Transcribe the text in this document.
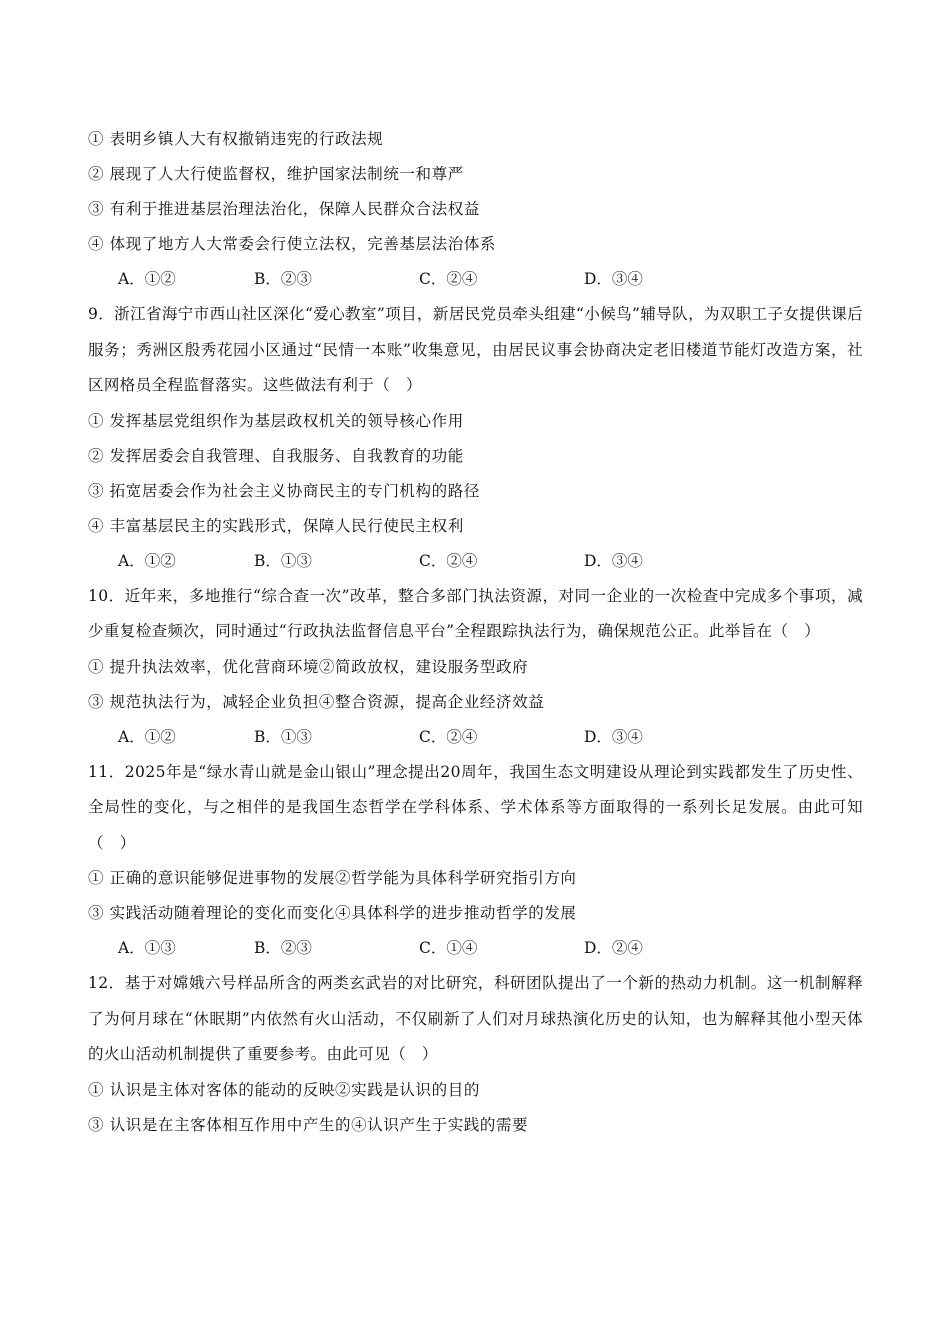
① 表明乡镇人大有权撤销违宪的行政法规
② 展现了人大行使监督权，维护国家法制统一和尊严
③ 有利于推进基层治理法治化，保障人民群众合法权益
④ 体现了地方人大常委会行使立法权，完善基层法治体系
A．①②	B．②③	C．②④	D．③④
9．浙江省海宁市西山社区深化“爱心教室”项目，新居民党员牵头组建“小候鸟”辅导队，为双职工子女提供课后服务；秀洲区殷秀花园小区通过“民情一本账”收集意见，由居民议事会协商决定老旧楼道节能灯改造方案，社区网格员全程监督落实。这些做法有利于（　）
① 发挥基层党组织作为基层政权机关的领导核心作用
② 发挥居委会自我管理、自我服务、自我教育的功能
③ 拓宽居委会作为社会主义协商民主的专门机构的路径
④ 丰富基层民主的实践形式，保障人民行使民主权利
A．①②	B．①③	C．②④	D．③④
10．近年来，多地推行“综合查一次”改革，整合多部门执法资源，对同一企业的一次检查中完成多个事项，减少重复检查频次，同时通过“行政执法监督信息平台”全程跟踪执法行为，确保规范公正。此举旨在（　）
① 提升执法效率，优化营商环境②简政放权，建设服务型政府
③ 规范执法行为，减轻企业负担④整合资源，提高企业经济效益
A．①②	B．①③	C．②④	D．③④
11．2025年是“绿水青山就是金山银山”理念提出20周年，我国生态文明建设从理论到实践都发生了历史性、全局性的变化，与之相伴的是我国生态哲学在学科体系、学术体系等方面取得的一系列长足发展。由此可知（　）
① 正确的意识能够促进事物的发展②哲学能为具体科学研究指引方向
③ 实践活动随着理论的变化而变化④具体科学的进步推动哲学的发展
A．①③	B．②③	C．①④	D．②④
12．基于对嫦娥六号样品所含的两类玄武岩的对比研究，科研团队提出了一个新的热动力机制。这一机制解释了为何月球在“休眠期”内依然有火山活动，不仅刷新了人们对月球热演化历史的认知，也为解释其他小型天体的火山活动机制提供了重要参考。由此可见（　）
① 认识是主体对客体的能动的反映②实践是认识的目的
③ 认识是在主客体相互作用中产生的④认识产生于实践的需要
